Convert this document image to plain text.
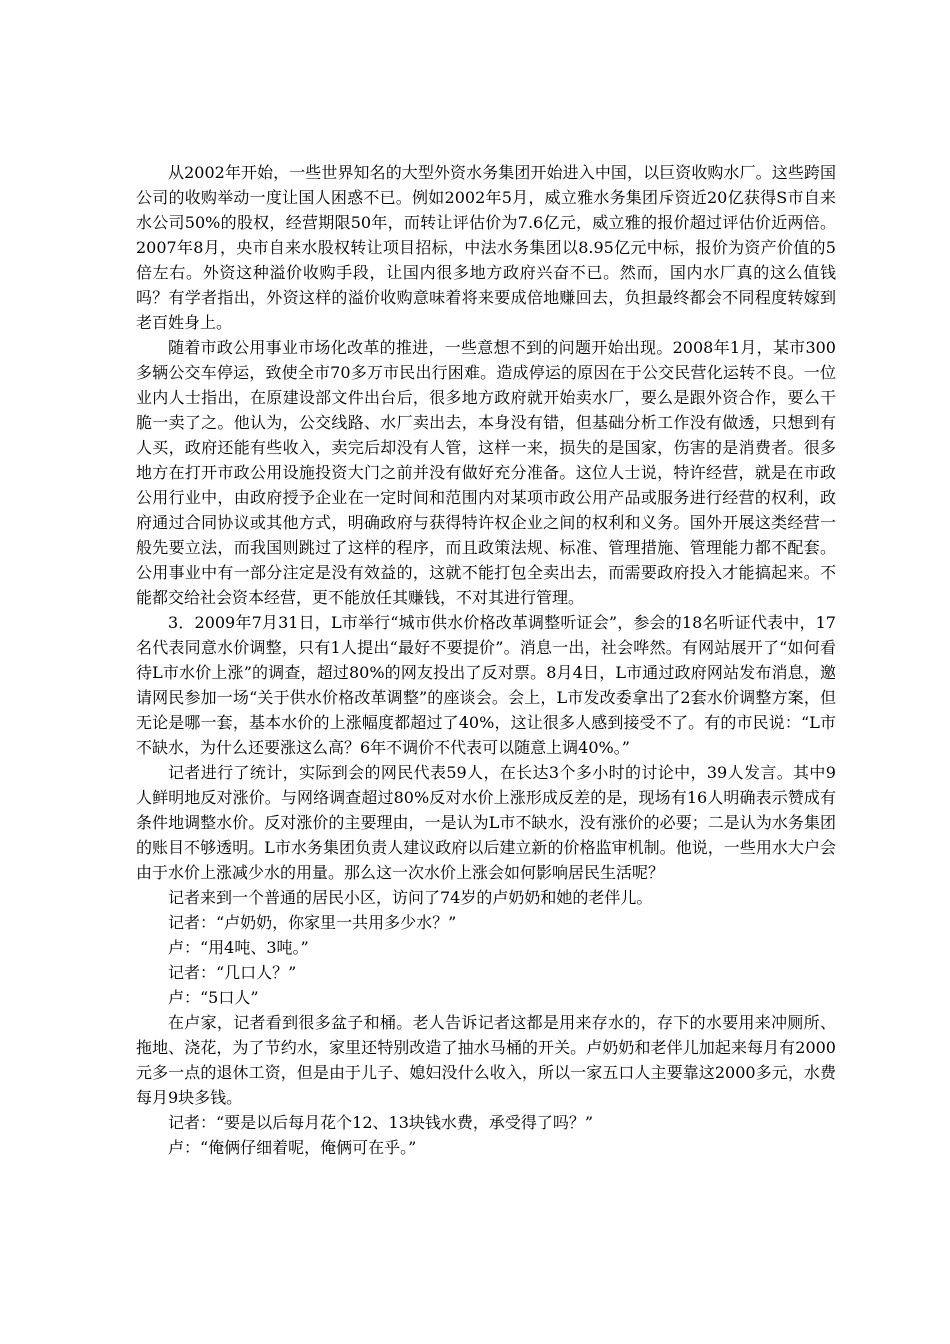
从2002年开始，一些世界知名的大型外资水务集团开始进入中国，以巨资收购水厂。这些跨国公司的收购举动一度让国人困惑不已。例如2002年5月，威立雅水务集团斥资近20亿获得S市自来水公司50%的股权，经营期限50年，而转让评估价为7.6亿元，威立雅的报价超过评估价近两倍。2007年8月，央市自来水股权转让项目招标，中法水务集团以8.95亿元中标，报价为资产价值的5倍左右。外资这种溢价收购手段，让国内很多地方政府兴奋不已。然而，国内水厂真的这么值钱吗？有学者指出，外资这样的溢价收购意味着将来要成倍地赚回去，负担最终都会不同程度转嫁到老百姓身上。

随着市政公用事业市场化改革的推进，一些意想不到的问题开始出现。2008年1月，某市300多辆公交车停运，致使全市70多万市民出行困难。造成停运的原因在于公交民营化运转不良。一位业内人士指出，在原建设部文件出台后，很多地方政府就开始卖水厂，要么是跟外资合作，要么干脆一卖了之。他认为，公交线路、水厂卖出去，本身没有错，但基础分析工作没有做透，只想到有人买，政府还能有些收入，卖完后却没有人管，这样一来，损失的是国家，伤害的是消费者。很多地方在打开市政公用设施投资大门之前并没有做好充分准备。这位人士说，特许经营，就是在市政公用行业中，由政府授予企业在一定时间和范围内对某项市政公用产品或服务进行经营的权利，政府通过合同协议或其他方式，明确政府与获得特许权企业之间的权利和义务。国外开展这类经营一般先要立法，而我国则跳过了这样的程序，而且政策法规、标准、管理措施、管理能力都不配套。公用事业中有一部分注定是没有效益的，这就不能打包全卖出去，而需要政府投入才能搞起来。不能都交给社会资本经营，更不能放任其赚钱，不对其进行管理。

3．2009年7月31日，L市举行“城市供水价格改革调整听证会”，参会的18名听证代表中，17名代表同意水价调整，只有1人提出“最好不要提价”。消息一出，社会哗然。有网站展开了“如何看待L市水价上涨”的调查，超过80%的网友投出了反对票。8月4日，L市通过政府网站发布消息，邀请网民参加一场“关于供水价格改革调整”的座谈会。会上，L市发改委拿出了2套水价调整方案，但无论是哪一套，基本水价的上涨幅度都超过了40%，这让很多人感到接受不了。有的市民说：“L市不缺水，为什么还要涨这么高？6年不调价不代表可以随意上调40%。”

记者进行了统计，实际到会的网民代表59人，在长达3个多小时的讨论中，39人发言。其中9人鲜明地反对涨价。与网络调查超过80%反对水价上涨形成反差的是，现场有16人明确表示赞成有条件地调整水价。反对涨价的主要理由，一是认为L市不缺水，没有涨价的必要；二是认为水务集团的账目不够透明。L市水务集团负责人建议政府以后建立新的价格监审机制。他说，一些用水大户会由于水价上涨减少水的用量。那么这一次水价上涨会如何影响居民生活呢？

记者来到一个普通的居民小区，访问了74岁的卢奶奶和她的老伴儿。

记者：“卢奶奶，你家里一共用多少水？”

卢：“用4吨、3吨。”

记者：“几口人？”

卢：“5口人”

在卢家，记者看到很多盆子和桶。老人告诉记者这都是用来存水的，存下的水要用来冲厕所、拖地、浇花，为了节约水，家里还特别改造了抽水马桶的开关。卢奶奶和老伴儿加起来每月有2000元多一点的退休工资，但是由于儿子、媳妇没什么收入，所以一家五口人主要靠这2000多元，水费每月9块多钱。

记者：“要是以后每月花个12、13块钱水费，承受得了吗？”

卢：“俺俩仔细着呢，俺俩可在乎。”
